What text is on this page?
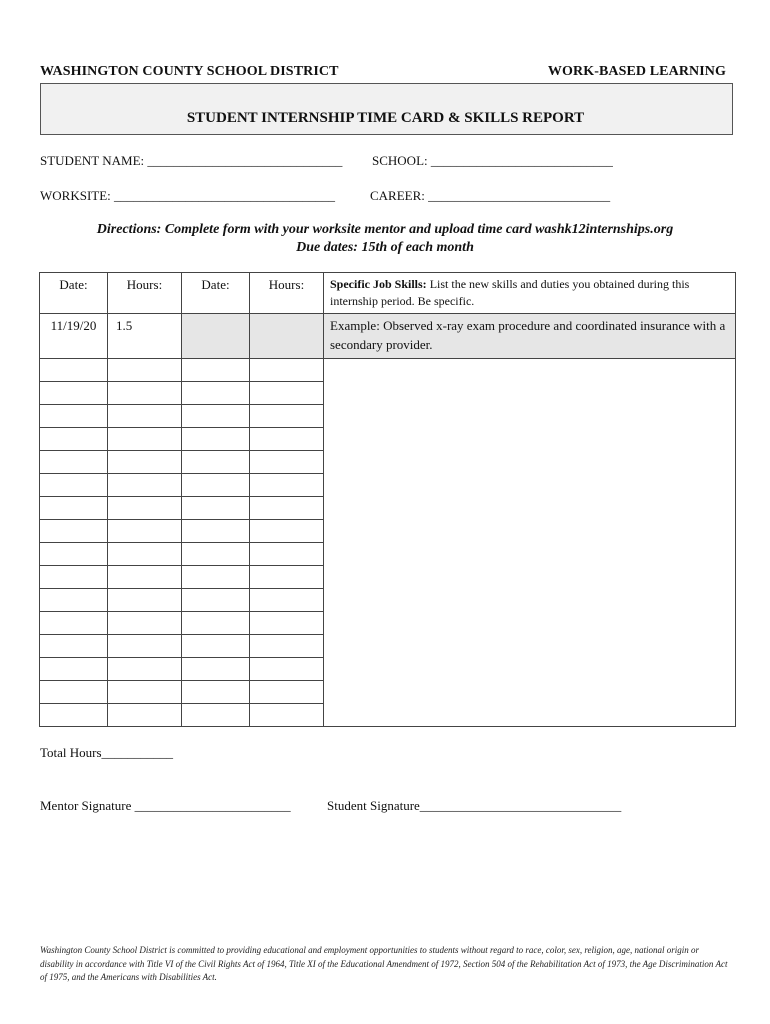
WASHINGTON COUNTY SCHOOL DISTRICT	WORK-BASED LEARNING
STUDENT INTERNSHIP TIME CARD & SKILLS REPORT
STUDENT NAME: ______________________________ SCHOOL: ____________________________
WORKSITE: __________________________________	CAREER: ____________________________
Directions: Complete form with your worksite mentor and upload time card washk12internships.org
Due dates: 15th of each month
Date:	Hours:	Date:	Hours:	Specific Job Skills: List the new skills and duties you obtained during this internship period. Be specific.
11/19/20	1.5			Example: Observed x-ray exam procedure and coordinated insurance with a secondary provider.

Total Hours___________
Mentor Signature ________________________	Student Signature_______________________________
Washington County School District is committed to providing educational and employment opportunities to students without regard to race, color, sex, religion, age, national origin or disability in accordance with Title VI of the Civil Rights Act of 1964, Title XI of the Educational Amendment of 1972, Section 504 of the Rehabilitation Act of 1973, the Age Discrimination Act of 1975, and the Americans with Disabilities Act.
